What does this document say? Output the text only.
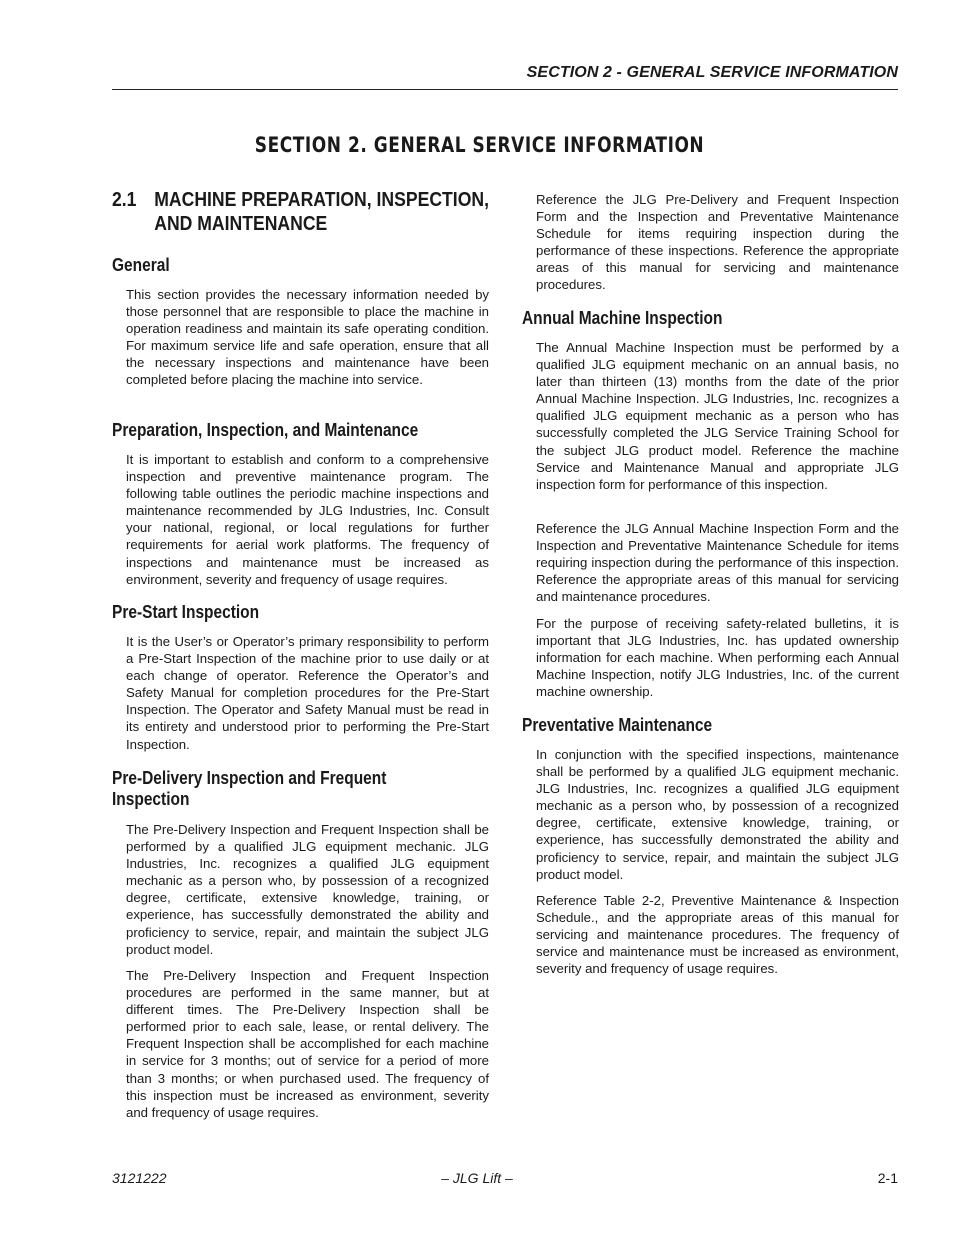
SECTION 2 - GENERAL SERVICE INFORMATION
SECTION 2. GENERAL SERVICE INFORMATION
2.1 MACHINE PREPARATION, INSPECTION,
AND MAINTENANCE
General
This section provides the necessary information needed by those personnel that are responsible to place the machine in operation readiness and maintain its safe operating condition. For maximum service life and safe operation, ensure that all the necessary inspections and maintenance have been completed before placing the machine into service.
Preparation, Inspection, and Maintenance
It is important to establish and conform to a comprehensive inspection and preventive maintenance program. The following table outlines the periodic machine inspections and maintenance recommended by JLG Industries, Inc. Consult your national, regional, or local regulations for further requirements for aerial work platforms. The frequency of inspections and maintenance must be increased as environment, severity and frequency of usage requires.
Pre-Start Inspection
It is the User’s or Operator’s primary responsibility to perform a Pre-Start Inspection of the machine prior to use daily or at each change of operator. Reference the Operator’s and Safety Manual for completion procedures for the Pre-Start Inspection. The Operator and Safety Manual must be read in its entirety and understood prior to performing the Pre-Start Inspection.
Pre-Delivery Inspection and Frequent
Inspection
The Pre-Delivery Inspection and Frequent Inspection shall be performed by a qualified JLG equipment mechanic. JLG Industries, Inc. recognizes a qualified JLG equipment mechanic as a person who, by possession of a recognized degree, certificate, extensive knowledge, training, or experience, has successfully demonstrated the ability and proficiency to service, repair, and maintain the subject JLG product model.
The Pre-Delivery Inspection and Frequent Inspection procedures are performed in the same manner, but at different times. The Pre-Delivery Inspection shall be performed prior to each sale, lease, or rental delivery. The Frequent Inspection shall be accomplished for each machine in service for 3 months; out of service for a period of more than 3 months; or when purchased used. The frequency of this inspection must be increased as environment, severity and frequency of usage requires.
Reference the JLG Pre-Delivery and Frequent Inspection Form and the Inspection and Preventative Maintenance Schedule for items requiring inspection during the performance of these inspections. Reference the appropriate areas of this manual for servicing and maintenance procedures.
Annual Machine Inspection
The Annual Machine Inspection must be performed by a qualified JLG equipment mechanic on an annual basis, no later than thirteen (13) months from the date of the prior Annual Machine Inspection. JLG Industries, Inc. recognizes a qualified JLG equipment mechanic as a person who has successfully completed the JLG Service Training School for the subject JLG product model. Reference the machine Service and Maintenance Manual and appropriate JLG inspection form for performance of this inspection.
Reference the JLG Annual Machine Inspection Form and the Inspection and Preventative Maintenance Schedule for items requiring inspection during the performance of this inspection. Reference the appropriate areas of this manual for servicing and maintenance procedures.
For the purpose of receiving safety-related bulletins, it is important that JLG Industries, Inc. has updated ownership information for each machine. When performing each Annual Machine Inspection, notify JLG Industries, Inc. of the current machine ownership.
Preventative Maintenance
In conjunction with the specified inspections, maintenance shall be performed by a qualified JLG equipment mechanic. JLG Industries, Inc. recognizes a qualified JLG equipment mechanic as a person who, by possession of a recognized degree, certificate, extensive knowledge, training, or experience, has successfully demonstrated the ability and proficiency to service, repair, and maintain the subject JLG product model.
Reference Table 2-2, Preventive Maintenance & Inspection Schedule., and the appropriate areas of this manual for servicing and maintenance procedures. The frequency of service and maintenance must be increased as environment, severity and frequency of usage requires.
3121222	– JLG Lift –	2-1
